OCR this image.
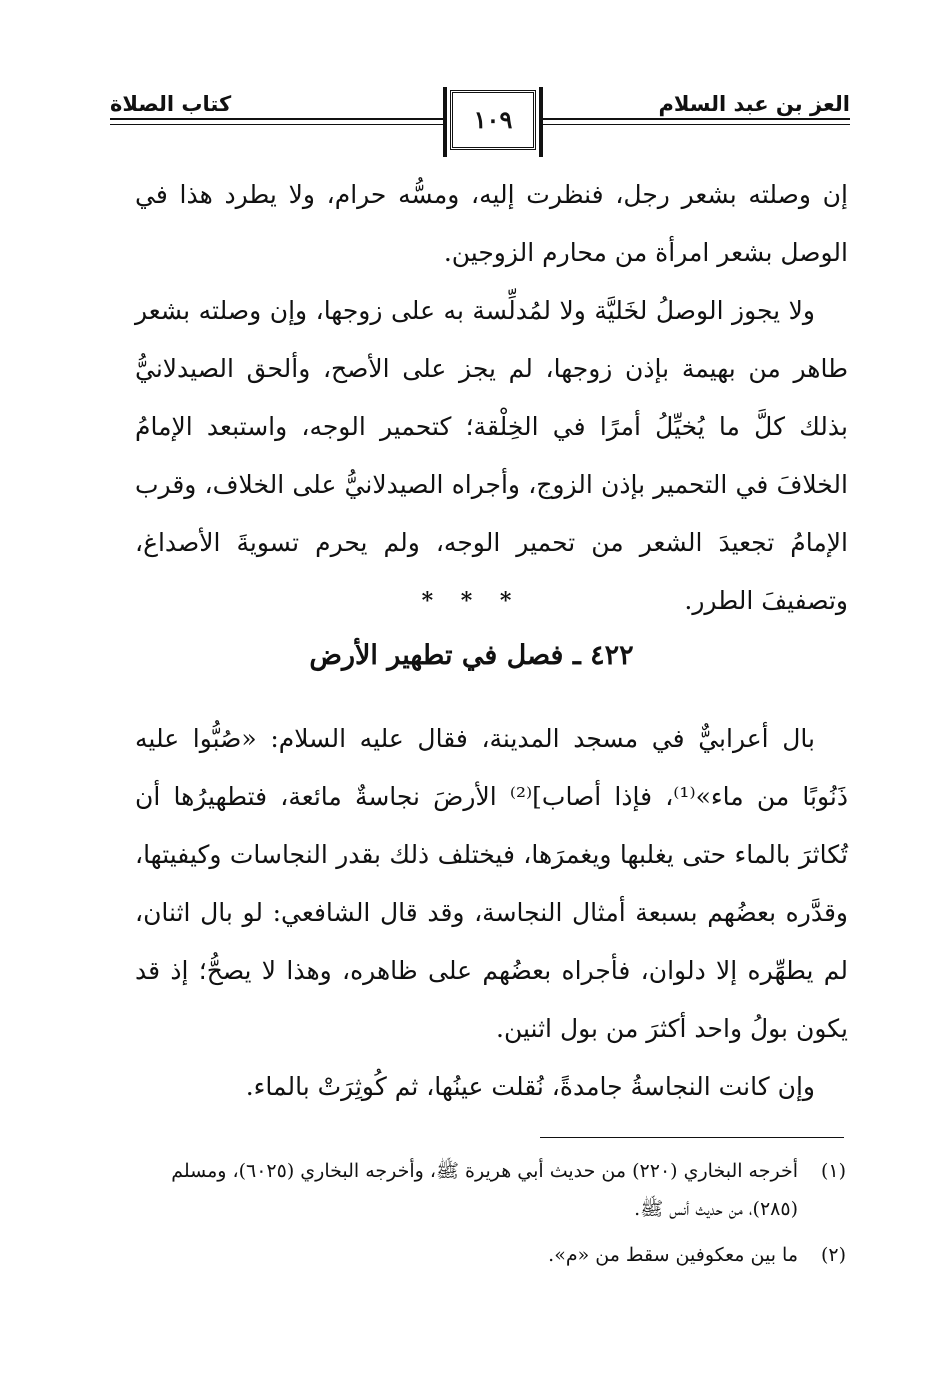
العز بن عبد السلام
كتاب الصلاة
١٠٩

إن وصلته بشعر رجل، فنظرت إليه، ومسُّه حرام، ولا يطرد هذا في الوصل بشعر امرأة من محارم الزوجين.

ولا يجوز الوصلُ لخَليَّة ولا لمُدلِّسة به على زوجها، وإن وصلته بشعر طاهر من بهيمة بإذن زوجها، لم يجز على الأصح، وألحق الصيدلانيُّ بذلك كلَّ ما يُخيِّلُ أمرًا في الخِلْقة؛ كتحمير الوجه، واستبعد الإمامُ الخلافَ في التحمير بإذن الزوج، وأجراه الصيدلانيُّ على الخلاف، وقرب الإمامُ تجعيدَ الشعر من تحمير الوجه، ولم يحرم تسويةَ الأصداغ، وتصفيفَ الطرر.

* * *
٤٢٢ ـ فصل في تطهير الأرض

بال أعرابيٌّ في مسجد المدينة، فقال عليه السلام: «صُبُّوا عليه ذَنُوبًا من ماء»⁽¹⁾، فإذا أصاب]⁽²⁾ الأرضَ نجاسةٌ مائعة، فتطهيرُها أن تُكاثرَ بالماء حتى يغلبها ويغمرَها، فيختلف ذلك بقدر النجاسات وكيفيتها، وقدَّره بعضُهم بسبعة أمثال النجاسة، وقد قال الشافعي: لو بال اثنان، لم يطهِّره إلا دلوان، فأجراه بعضُهم على ظاهره، وهذا لا يصحُّ؛ إذ قد يكون بولُ واحد أكثرَ من بول اثنين.

وإن كانت النجاسةُ جامدةً، نُقلت عينُها، ثم كُوثِرَتْ بالماء.

(١)
أخرجه البخاري (٢٢٠) من حديث أبي هريرة ﷺ، وأخرجه البخاري (٦٠٢٥)، ومسلم (٢٨٥)، من حديث أنس ﷺ.
(٢)
ما بين معكوفين سقط من «م».
